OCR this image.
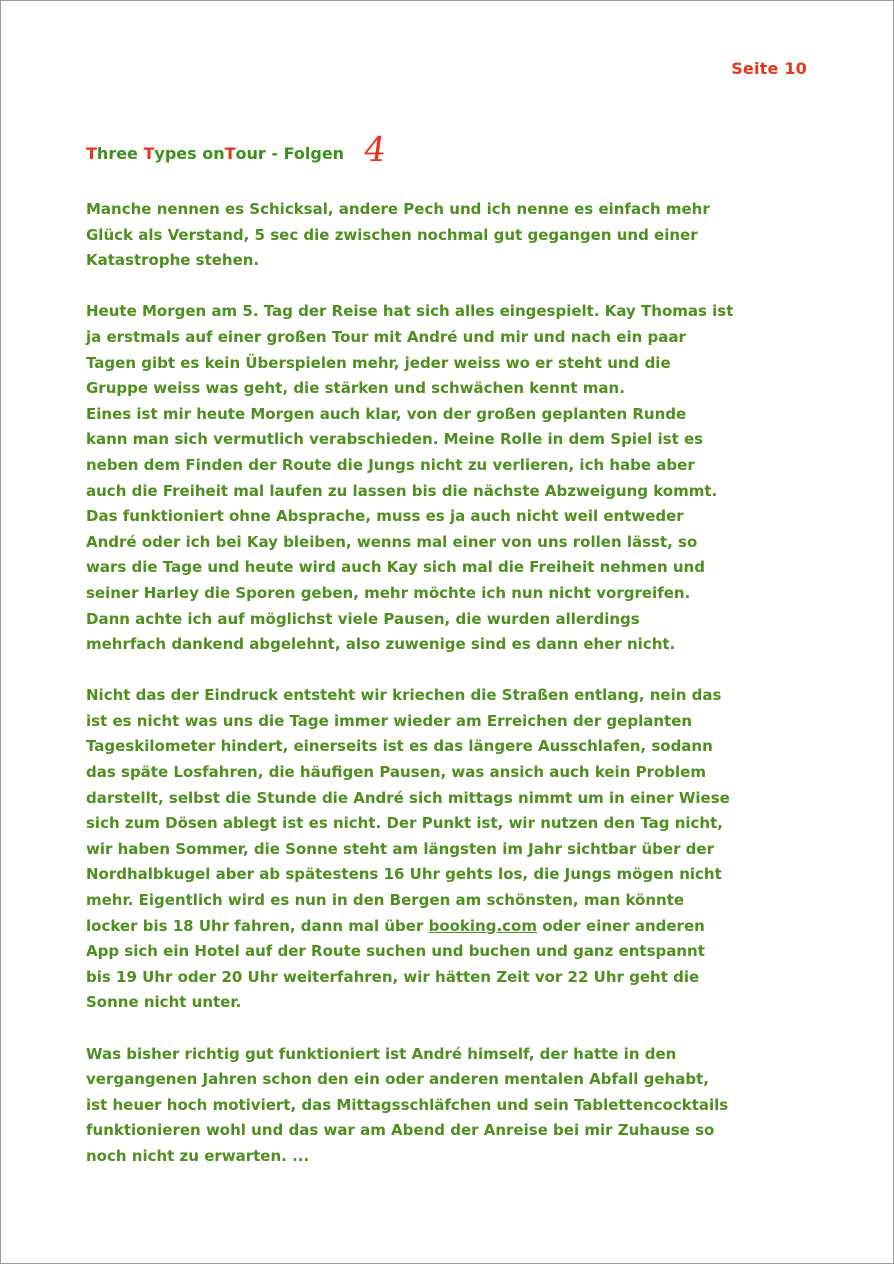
Seite 10
T hree T ypes on T our - Folgen 4

Manche nennen es Schicksal, andere Pech und ich nenne es einfach mehr
Glück als Verstand, 5 sec die zwischen nochmal gut gegangen und einer
Katastrophe stehen.

Heute Morgen am 5. Tag der Reise hat sich alles eingespielt. Kay Thomas ist
ja erstmals auf einer großen Tour mit André und mir und nach ein paar
Tagen gibt es kein Überspielen mehr, jeder weiss wo er steht und die
Gruppe weiss was geht, die stärken und schwächen kennt man.
Eines ist mir heute Morgen auch klar, von der großen geplanten Runde
kann man sich vermutlich verabschieden. Meine Rolle in dem Spiel ist es
neben dem Finden der Route die Jungs nicht zu verlieren, ich habe aber
auch die Freiheit mal laufen zu lassen bis die nächste Abzweigung kommt.
Das funktioniert ohne Absprache, muss es ja auch nicht weil entweder
André oder ich bei Kay bleiben, wenns mal einer von uns rollen lässt, so
wars die Tage und heute wird auch Kay sich mal die Freiheit nehmen und
seiner Harley die Sporen geben, mehr möchte ich nun nicht vorgreifen.
Dann achte ich auf möglichst viele Pausen, die wurden allerdings
mehrfach dankend abgelehnt, also zuwenige sind es dann eher nicht.

Nicht das der Eindruck entsteht wir kriechen die Straßen entlang, nein das
ist es nicht was uns die Tage immer wieder am Erreichen der geplanten
Tageskilometer hindert, einerseits ist es das längere Ausschlafen, sodann
das späte Losfahren, die häufigen Pausen, was ansich auch kein Problem
darstellt, selbst die Stunde die André sich mittags nimmt um in einer Wiese
sich zum Dösen ablegt ist es nicht. Der Punkt ist, wir nutzen den Tag nicht,
wir haben Sommer, die Sonne steht am längsten im Jahr sichtbar über der
Nordhalbkugel aber ab spätestens 16 Uhr gehts los, die Jungs mögen nicht
mehr. Eigentlich wird es nun in den Bergen am schönsten, man könnte
locker bis 18 Uhr fahren, dann mal über booking.com oder einer anderen
App sich ein Hotel auf der Route suchen und buchen und ganz entspannt
bis 19 Uhr oder 20 Uhr weiterfahren, wir hätten Zeit vor 22 Uhr geht die
Sonne nicht unter.

Was bisher richtig gut funktioniert ist André himself, der hatte in den
vergangenen Jahren schon den ein oder anderen mentalen Abfall gehabt,
ist heuer hoch motiviert, das Mittagsschläfchen und sein Tablettencocktails
funktionieren wohl und das war am Abend der Anreise bei mir Zuhause so
noch nicht zu erwarten. ...
